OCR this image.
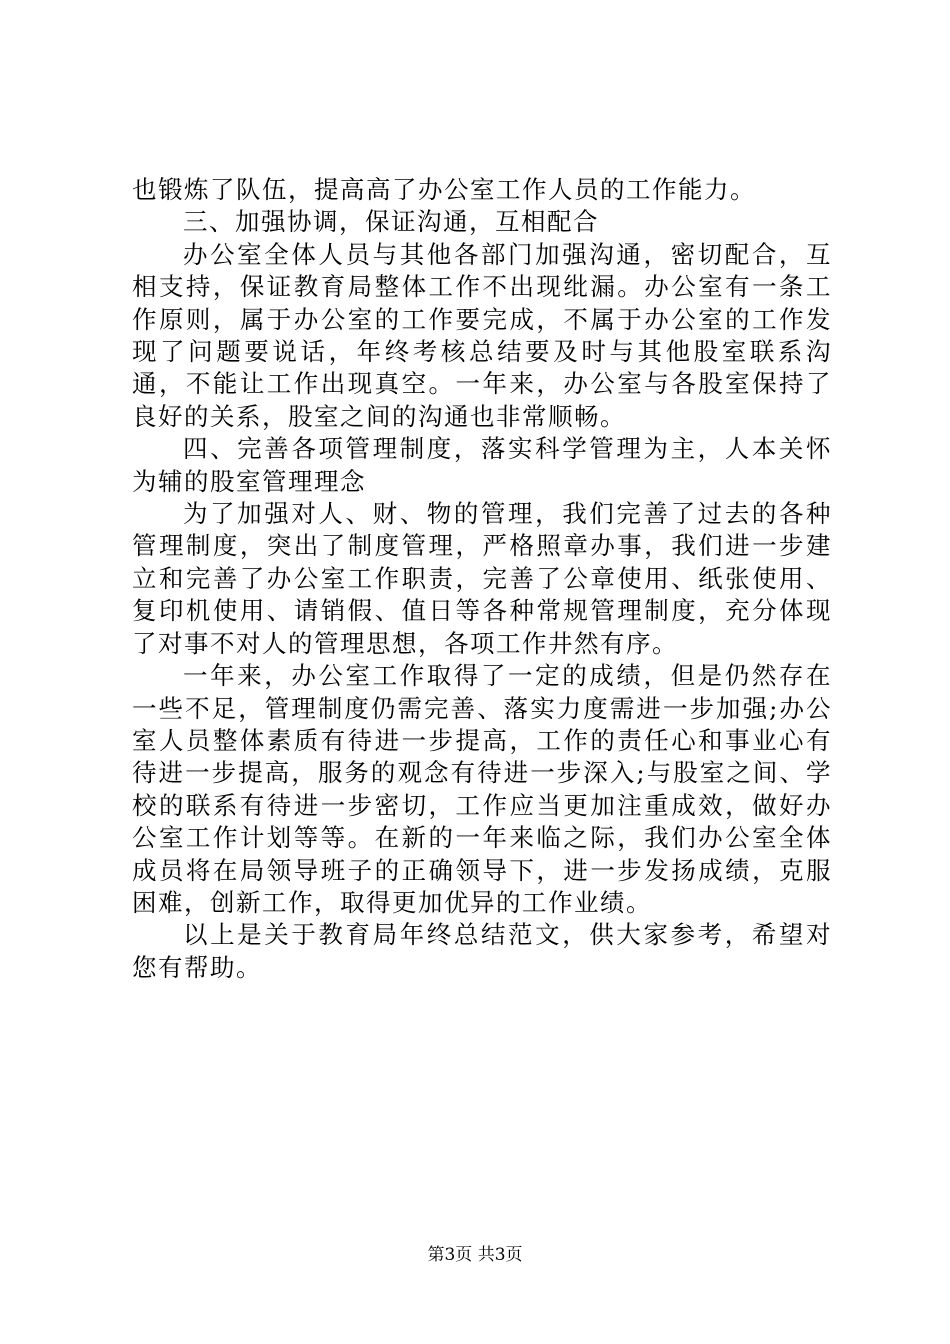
也锻炼了队伍，提高高了办公室工作人员的工作能力。

三、加强协调，保证沟通，互相配合

办公室全体人员与其他各部门加强沟通，密切配合，互相支持，保证教育局整体工作不出现纰漏。办公室有一条工作原则，属于办公室的工作要完成，不属于办公室的工作发现了问题要说话，年终考核总结要及时与其他股室联系沟通，不能让工作出现真空。一年来，办公室与各股室保持了良好的关系，股室之间的沟通也非常顺畅。

四、完善各项管理制度，落实科学管理为主，人本关怀为辅的股室管理理念

为了加强对人、财、物的管理，我们完善了过去的各种管理制度，突出了制度管理，严格照章办事，我们进一步建立和完善了办公室工作职责，完善了公章使用、纸张使用、复印机使用、请销假、值日等各种常规管理制度，充分体现了对事不对人的管理思想，各项工作井然有序。

一年来，办公室工作取得了一定的成绩，但是仍然存在一些不足，管理制度仍需完善、落实力度需进一步加强;办公室人员整体素质有待进一步提高，工作的责任心和事业心有待进一步提高，服务的观念有待进一步深入;与股室之间、学校的联系有待进一步密切，工作应当更加注重成效，做好办公室工作计划等等。在新的一年来临之际，我们办公室全体成员将在局领导班子的正确领导下，进一步发扬成绩，克服困难，创新工作，取得更加优异的工作业绩。

以上是关于教育局年终总结范文，供大家参考，希望对您有帮助。

第3页 共3页
